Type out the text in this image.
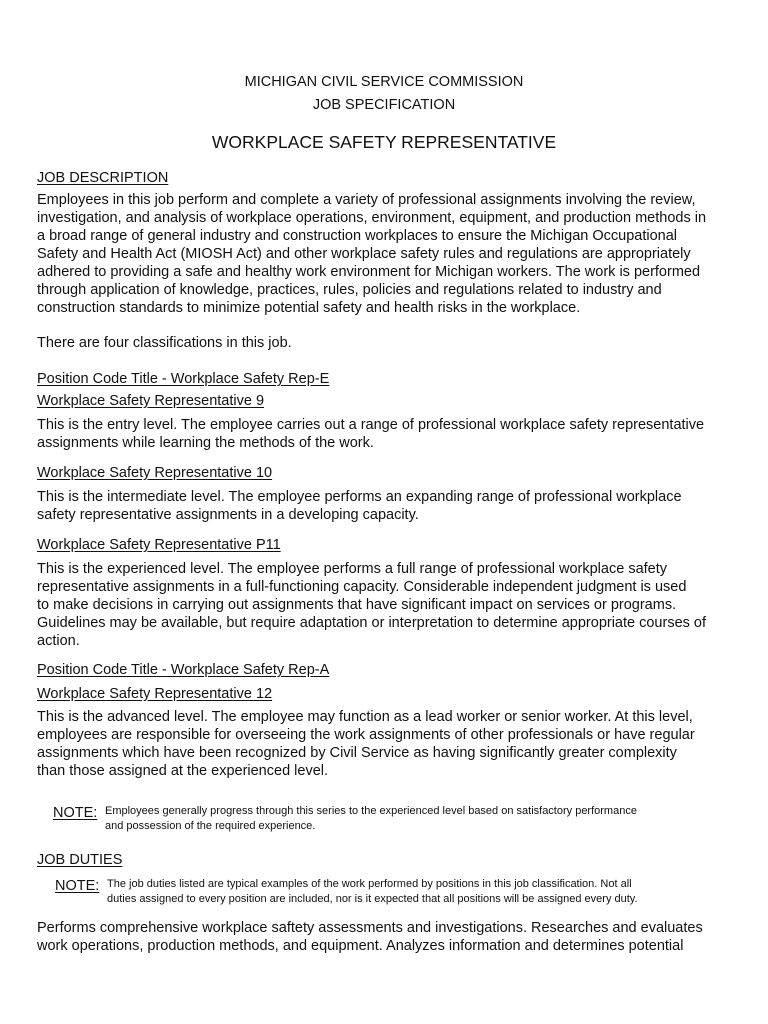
MICHIGAN CIVIL SERVICE COMMISSION
JOB SPECIFICATION
WORKPLACE SAFETY REPRESENTATIVE
JOB DESCRIPTION
Employees in this job perform and complete a variety of professional assignments involving the review,
investigation, and analysis of workplace operations, environment, equipment, and production methods in
a broad range of general industry and construction workplaces to ensure the Michigan Occupational
Safety and Health Act (MIOSH Act) and other workplace safety rules and regulations are appropriately
adhered to providing a safe and healthy work environment for Michigan workers. The work is performed
through application of knowledge, practices, rules, policies and regulations related to industry and
construction standards to minimize potential safety and health risks in the workplace.
There are four classifications in this job.
Position Code Title - Workplace Safety Rep-E
Workplace Safety Representative 9
This is the entry level. The employee carries out a range of professional workplace safety representative
assignments while learning the methods of the work.
Workplace Safety Representative 10
This is the intermediate level. The employee performs an expanding range of professional workplace
safety representative assignments in a developing capacity.
Workplace Safety Representative P11
This is the experienced level. The employee performs a full range of professional workplace safety
representative assignments in a full-functioning capacity. Considerable independent judgment is used
to make decisions in carrying out assignments that have significant impact on services or programs.
Guidelines may be available, but require adaptation or interpretation to determine appropriate courses of
action.
Position Code Title - Workplace Safety Rep-A
Workplace Safety Representative 12
This is the advanced level. The employee may function as a lead worker or senior worker. At this level,
employees are responsible for overseeing the work assignments of other professionals or have regular
assignments which have been recognized by Civil Service as having significantly greater complexity
than those assigned at the experienced level.
NOTE: Employees generally progress through this series to the experienced level based on satisfactory performance
and possession of the required experience.
JOB DUTIES
NOTE: The job duties listed are typical examples of the work performed by positions in this job classification. Not all
duties assigned to every position are included, nor is it expected that all positions will be assigned every duty.
Performs comprehensive workplace saftety assessments and investigations. Researches and evaluates
work operations, production methods, and equipment. Analyzes information and determines potential
